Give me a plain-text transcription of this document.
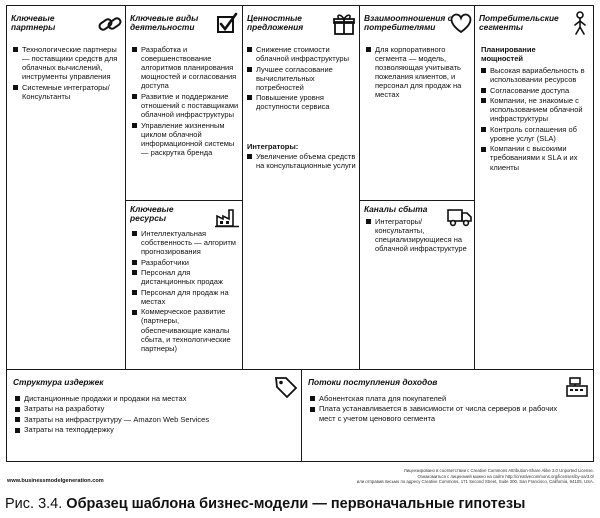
Ключевые партнеры
Технологические партнеры — поставщики средств для облачных вычислений, инструменты управления
Системные интеграторы/ Консультанты
Ключевые виды деятельности
Разработка и совершенствование алгоритмов планирования мощностей и согласования доступа
Развитие и поддержание отношений с поставщиками облачной инфраструктуры
Управление жизненным циклом облачной информационной системы — раскрутка бренда
Ключевые ресурсы
Интеллектуальная собственность — алгоритм прогнозирования
Разработчики
Персонал для дистанционных продаж
Персонал для продаж на местах
Коммерческое развитие (партнеры, обеспечивающие каналы сбыта, и технологические партнеры)
Ценностные предложения
Снижение стоимости облачной инфраструктуры
Лучшее согласование вычислительных потребностей
Повышение уровня доступности сервиса
Интеграторы:
Увеличение объема средств на консультационные услуги
Взаимоотношения с потребителями
Для корпоративного сегмента — модель, позволяющая учитывать пожелания клиентов, и персонал для продаж на местах
Каналы сбыта
Интеграторы/ консультанты, специализирующиеся на облачной инфраструктуре
Потребительские сегменты
Планирование мощностей
Высокая вариабельность в использовании ресурсов
Согласование доступа
Компании, не знакомые с использованием облачной инфраструктуры
Контроль соглашения об уровне услуг (SLA)
Компании с высокими требованиями к SLA и их клиенты
Структура издержек
Дистанционные продажи и продажи на местах
Затраты на разработку
Затраты на инфраструктуру — Amazon Web Services
Затраты на техподдержку
Потоки поступления доходов
Абонентская плата для покупателей
Плата устанавливается в зависимости от числа серверов и рабочих мест с учетом ценового сегмента
www.businessmodelgeneration.com
Лицензировано в соответствии с Creative Commons Attribution-Share Alike 3.0 Unported License.
Ознакомиться с лицензией можно на сайте http://creativecommons.org/licenses/by-sa/3.0/
или отправив письмо по адресу Creative Commons, 171 Second Street, Suite 300, San Francisco, California, 94105, USA.
Рис. 3.4. Образец шаблона бизнес-модели — первоначальные гипотезы
